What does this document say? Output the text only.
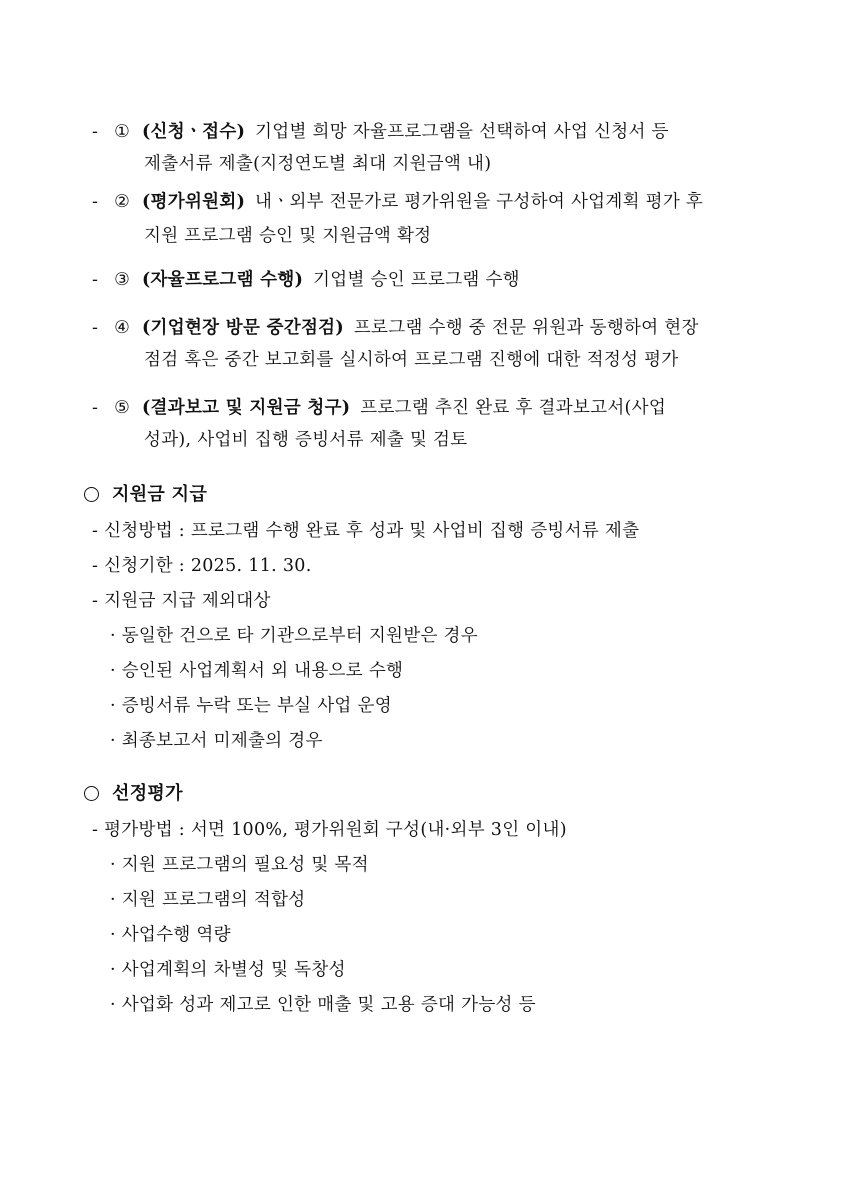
- ① (신청ㆍ접수) 기업별 희망 자율프로그램을 선택하여 사업 신청서 등
제출서류 제출(지정연도별 최대 지원금액 내)
- ② (평가위원회) 내ㆍ외부 전문가로 평가위원을 구성하여 사업계획 평가 후
지원 프로그램 승인 및 지원금액 확정
- ③ (자율프로그램 수행) 기업별 승인 프로그램 수행
- ④ (기업현장 방문 중간점검) 프로그램 수행 중 전문 위원과 동행하여 현장
점검 혹은 중간 보고회를 실시하여 프로그램 진행에 대한 적정성 평가
- ⑤ (결과보고 및 지원금 청구) 프로그램 추진 완료 후 결과보고서(사업
성과), 사업비 집행 증빙서류 제출 및 검토
지원금 지급
- 신청방법 : 프로그램 수행 완료 후 성과 및 사업비 집행 증빙서류 제출
- 신청기한 : 2025. 11. 30.
- 지원금 지급 제외대상
· 동일한 건으로 타 기관으로부터 지원받은 경우
· 승인된 사업계획서 외 내용으로 수행
· 증빙서류 누락 또는 부실 사업 운영
· 최종보고서 미제출의 경우
선정평가
- 평가방법 : 서면 100%, 평가위원회 구성(내·외부 3인 이내)
· 지원 프로그램의 필요성 및 목적
· 지원 프로그램의 적합성
· 사업수행 역량
· 사업계획의 차별성 및 독창성
· 사업화 성과 제고로 인한 매출 및 고용 증대 가능성 등
